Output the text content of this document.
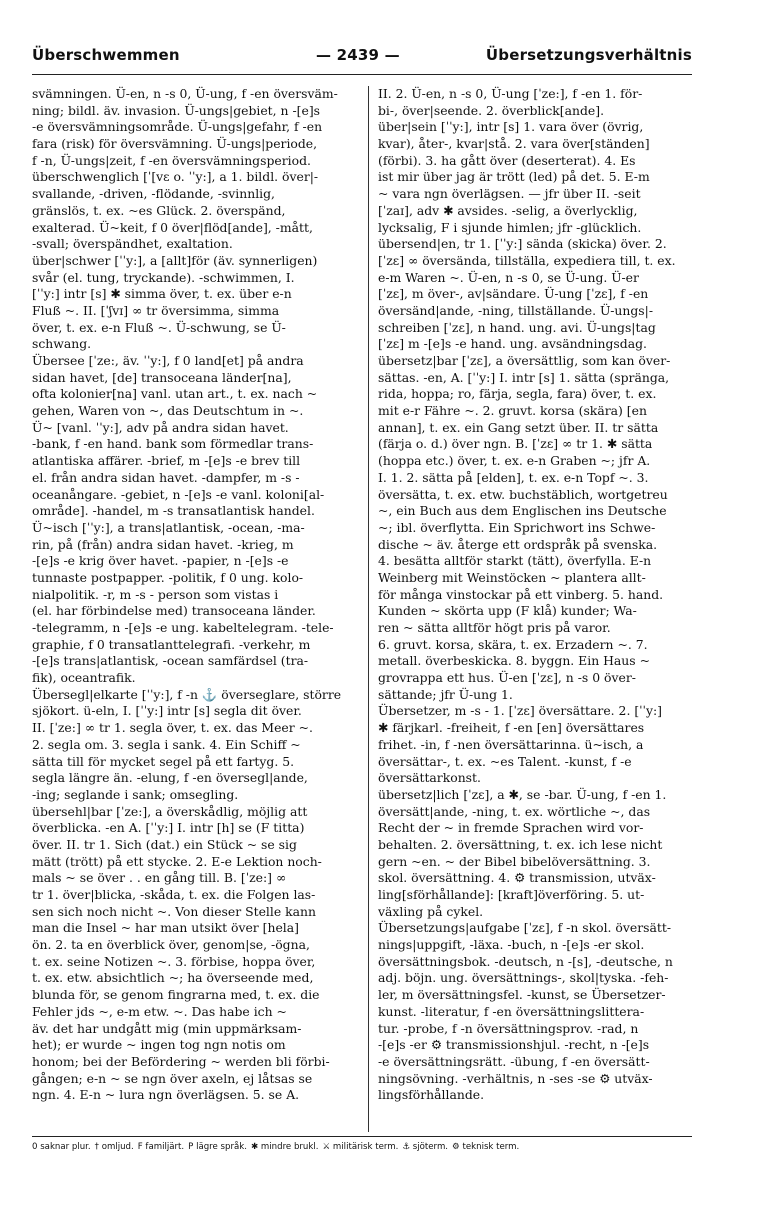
Überschwemmen	— 2439 —	Übersetzungsverhältnis
svämningen. Ü-en, n -s 0, Ü-ung, f -en översväm-
ning; bildl. äv. invasion. Ü-ungs|gebiet, n -[e]s
-e översvämningsområde. Ü-ungs|gefahr, f -en
fara (risk) för översvämning. Ü-ungs|periode,
f -n, Ü-ungs|zeit, f -en översvämningsperiod.
überschwenglich [ˈ[vɛ o. ˈˈy:], a 1. bildl. över|-
svallande, -driven, -flödande, -svinnlig,
gränslös, t. ex. ~es Glück. 2. överspänd,
exalterad. Ü~keit, f 0 över|flöd[ande], -mått,
-svall; överspändhet, exaltation.
über|schwer [ˈˈy:], a [allt]för (äv. synnerligen)
svår (el. tung, tryckande). -schwimmen, I.
[ˈˈy:] intr [s] ✱ simma över, t. ex. über e-n
Fluß ~. II. [ˈʃvɪ] ∞ tr översimma, simma
över, t. ex. e-n Fluß ~. Ü-schwung, se Ü-
schwang.
Übersee [ˈze:, äv. ˈˈy:], f 0 land[et] på andra
sidan havet, [de] transoceana länder[na],
ofta kolonier[na] vanl. utan art., t. ex. nach ~
gehen, Waren von ~, das Deutschtum in ~.
Ü~ [vanl. ˈˈy:], adv på andra sidan havet.
-bank, f -en hand. bank som förmedlar trans-
atlantiska affärer. -brief, m -[e]s -e brev till
el. från andra sidan havet. -dampfer, m -s -
oceanångare. -gebiet, n -[e]s -e vanl. koloni[al-
område]. -handel, m -s transatlantisk handel.
Ü~isch [ˈˈy:], a trans|atlantisk, -ocean, -ma-
rin, på (från) andra sidan havet. -krieg, m
-[e]s -e krig över havet. -papier, n -[e]s -e
tunnaste postpapper. -politik, f 0 ung. kolo-
nialpolitik. -r, m -s - person som vistas i
(el. har förbindelse med) transoceana länder.
-telegramm, n -[e]s -e ung. kabeltelegram. -tele-
graphie, f 0 transatlanttelegrafi. -verkehr, m
-[e]s trans|atlantisk, -ocean samfärdsel (tra-
fik), oceantrafik.
Übersegl|elkarte [ˈˈy:], f -n ⚓ överseglare, större
sjökort. ü-eln, I. [ˈˈy:] intr [s] segla dit över.
II. [ˈze:] ∞ tr 1. segla över, t. ex. das Meer ~.
2. segla om. 3. segla i sank. 4. Ein Schiff ~
sätta till för mycket segel på ett fartyg. 5.
segla längre än. -elung, f -en översegl|ande,
-ing; seglande i sank; omsegling.
übersehl|bar [ˈze:], a överskådlig, möjlig att
överblicka. -en A. [ˈˈy:] I. intr [h] se (F titta)
över. II. tr 1. Sich (dat.) ein Stück ~ se sig
mätt (trött) på ett stycke. 2. E-e Lektion noch-
mals ~ se över . . en gång till. B. [ˈze:] ∞
tr 1. över|blicka, -skåda, t. ex. die Folgen las-
sen sich noch nicht ~. Von dieser Stelle kann
man die Insel ~ har man utsikt över [hela]
ön. 2. ta en överblick över, genom|se, -ögna,
t. ex. seine Notizen ~. 3. förbise, hoppa över,
t. ex. etw. absichtlich ~; ha överseende med,
blunda för, se genom fingrarna med, t. ex. die
Fehler jds ~, e-m etw. ~. Das habe ich ~
äv. det har undgått mig (min uppmärksam-
het); er wurde ~ ingen tog ngn notis om
honom; bei der Befördering ~ werden bli förbi-
gången; e-n ~ se ngn över axeln, ej låtsas se
ngn. 4. E-n ~ lura ngn överlägsen. 5. se A.
II. 2. Ü-en, n -s 0, Ü-ung [ˈze:], f -en 1. för-
bi-, över|seende. 2. överblick[ande].
über|sein [ˈˈy:], intr [s] 1. vara över (övrig,
kvar), åter-, kvar|stå. 2. vara över[ständen]
(förbi). 3. ha gått över (deserterat). 4. Es
ist mir über jag är trött (led) på det. 5. E-m
~ vara ngn överlägsen. — jfr über II. -seit
[ˈzaɪ], adv ✱ avsides. -selig, a överlycklig,
lycksalig, F i sjunde himlen; jfr -glücklich.
übersend|en, tr 1. [ˈˈy:] sända (skicka) över. 2.
[ˈzɛ] ∞ översända, tillställa, expediera till, t. ex.
e-m Waren ~. Ü-en, n -s 0, se Ü-ung. Ü-er
[ˈzɛ], m över-, av|sändare. Ü-ung [ˈzɛ], f -en
översänd|ande, -ning, tillställande. Ü-ungs|-
schreiben [ˈzɛ], n hand. ung. avi. Ü-ungs|tag
[ˈzɛ] m -[e]s -e hand. ung. avsändningsdag.
übersetz|bar [ˈzɛ], a översättlig, som kan över-
sättas. -en, A. [ˈˈy:] I. intr [s] 1. sätta (spränga,
rida, hoppa; ro, färja, segla, fara) över, t. ex.
mit e-r Fähre ~. 2. gruvt. korsa (skära) [en
annan], t. ex. ein Gang setzt über. II. tr sätta
(färja o. d.) över ngn. B. [ˈzɛ] ∞ tr 1. ✱ sätta
(hoppa etc.) över, t. ex. e-n Graben ~; jfr A.
I. 1. 2. sätta på [elden], t. ex. e-n Topf ~. 3.
översätta, t. ex. etw. buchstäblich, wortgetreu
~, ein Buch aus dem Englischen ins Deutsche
~; ibl. överflytta. Ein Sprichwort ins Schwe-
dische ~ äv. återge ett ordspråk på svenska.
4. besätta alltför starkt (tätt), överfylla. E-n
Weinberg mit Weinstöcken ~ plantera allt-
för många vinstockar på ett vinberg. 5. hand.
Kunden ~ skörta upp (F klå) kunder; Wa-
ren ~ sätta alltför högt pris på varor.
6. gruvt. korsa, skära, t. ex. Erzadern ~. 7.
metall. överbeskicka. 8. byggn. Ein Haus ~
grovrappa ett hus. Ü-en [ˈzɛ], n -s 0 över-
sättande; jfr Ü-ung 1.
Übersetzer, m -s - 1. [ˈzɛ] översättare. 2. [ˈˈy:]
✱ färjkarl. -freiheit, f -en [en] översättares
frihet. -in, f -nen översättarinna. ü~isch, a
översättar-, t. ex. ~es Talent. -kunst, f -e
översättarkonst.
übersetz|lich [ˈzɛ], a ✱, se -bar. Ü-ung, f -en 1.
översätt|ande, -ning, t. ex. wörtliche ~, das
Recht der ~ in fremde Sprachen wird vor-
behalten. 2. översättning, t. ex. ich lese nicht
gern ~en. ~ der Bibel bibelöversättning. 3.
skol. översättning. 4. ⚙ transmission, utväx-
ling[sförhållande]: [kraft]överföring. 5. ut-
växling på cykel.
Übersetzungs|aufgabe [ˈzɛ], f -n skol. översätt-
nings|uppgift, -läxa. -buch, n -[e]s -er skol.
översättningsbok. -deutsch, n -[s], -deutsche, n
adj. böjn. ung. översättnings-, skol|tyska. -feh-
ler, m översättningsfel. -kunst, se Übersetzer-
kunst. -literatur, f -en översättningslittera-
tur. -probe, f -n översättningsprov. -rad, n
-[e]s -er ⚙ transmissionshjul. -recht, n -[e]s
-e översättningsrätt. -übung, f -en översätt-
ningsövning. -verhältnis, n -ses -se ⚙ utväx-
lingsförhållande.
0 saknar plur. † omljud. F familjärt. P lägre språk. ✱ mindre brukl. ⚔ militärisk term. ⚓ sjöterm. ⚙ teknisk term.
